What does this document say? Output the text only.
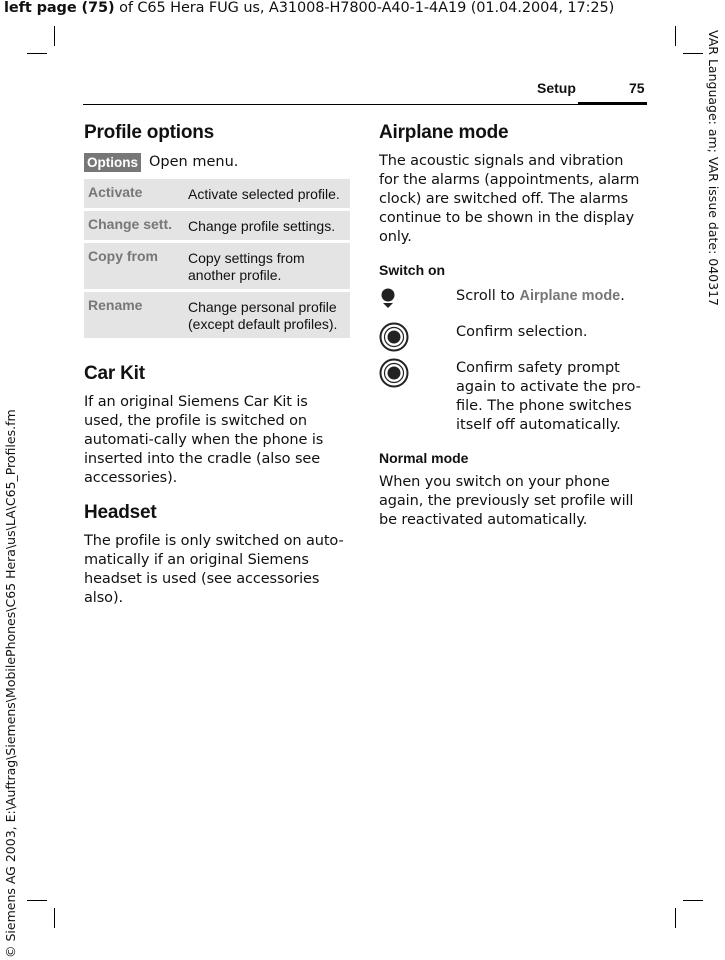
left page (75) of C65 Hera FUG us, A31008-H7800-A40-1-4A19 (01.04.2004, 17:25)
© Siemens AG 2003, E:\Auftrag\Siemens\MobilePhones\C65 Hera\us\LA\C65_Profiles.fm
VAR Language: am; VAR issue date: 040317
Setup	75
Profile options
Options Open menu.
Activate	Activate selected profile.
Change sett.	Change profile settings.
Copy from	Copy settings from another profile.
Rename	Change personal profile (except default profiles).
Car Kit

If an original Siemens Car Kit is used, the profile is switched on automati-cally when the phone is inserted into the cradle (also see accessories).

Headset

The profile is only switched on auto-matically if an original Siemens headset is used (see accessories also).

Airplane mode

The acoustic signals and vibration for the alarms (appointments, alarm clock) are switched off. The alarms continue to be shown in the display only.

Switch on
Scroll to Airplane mode.
Confirm selection.
Confirm safety prompt again to activate the pro-file. The phone switches itself off automatically.
Normal mode

When you switch on your phone again, the previously set profile will be reactivated automatically.
